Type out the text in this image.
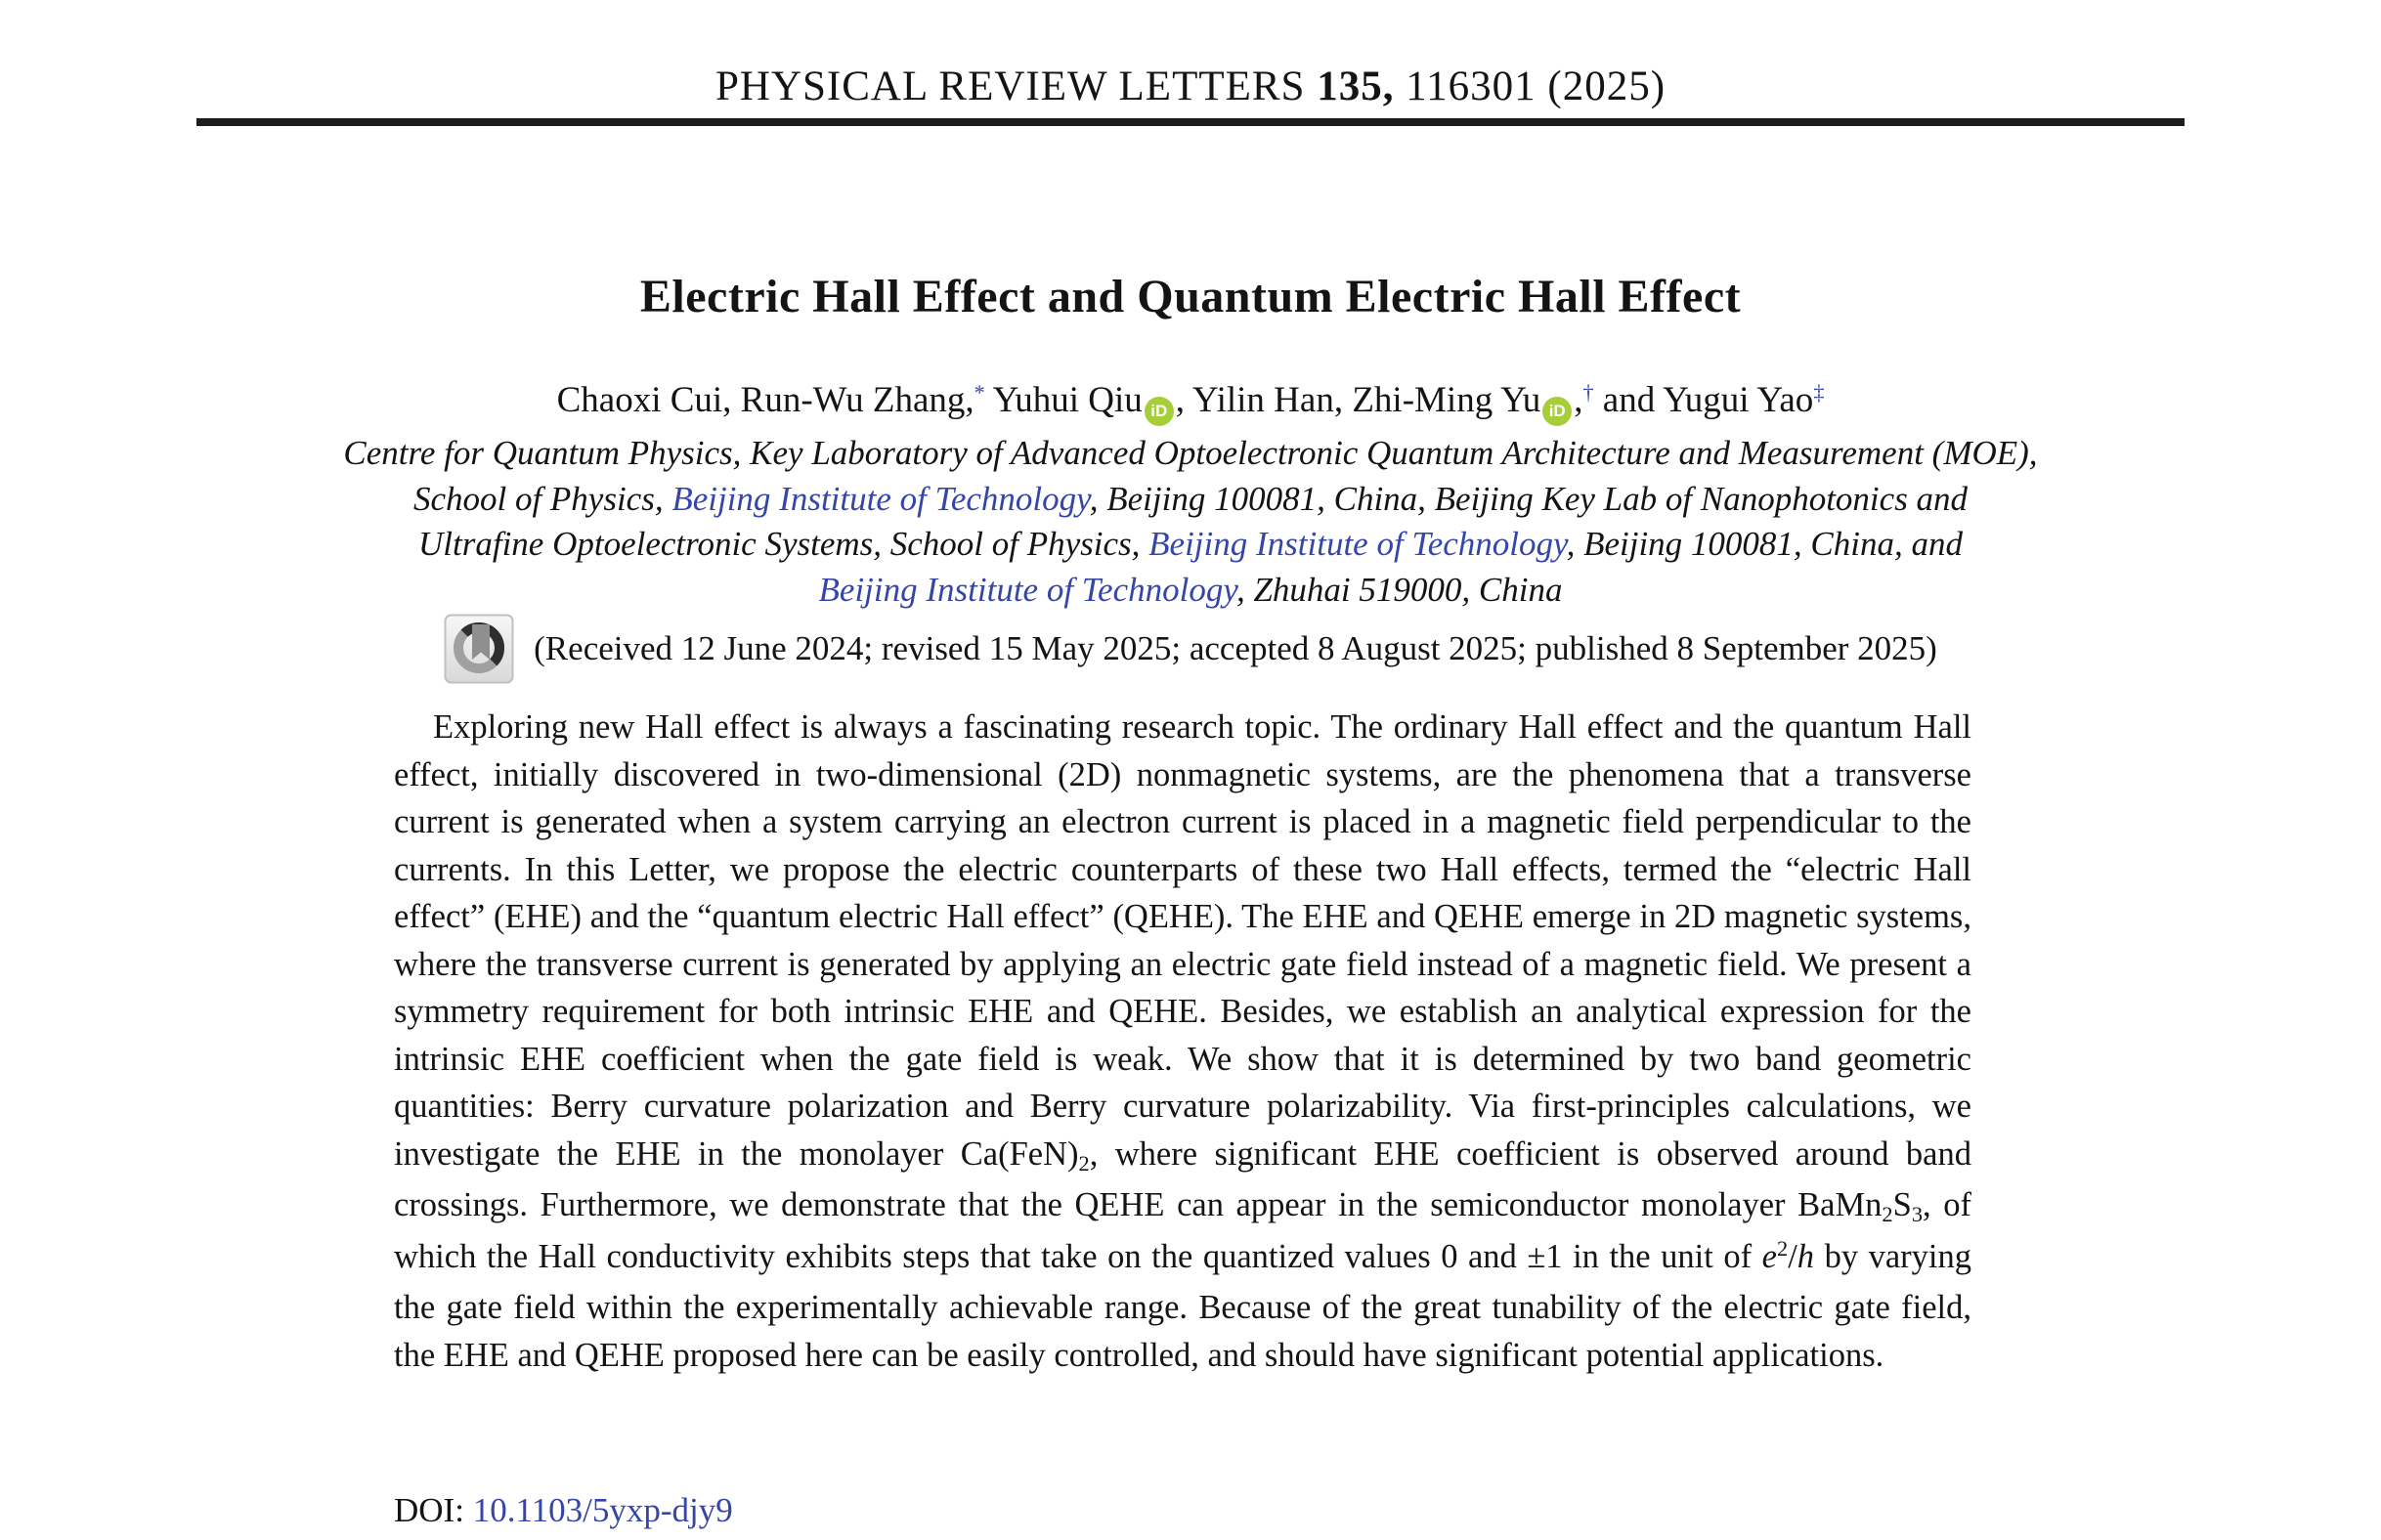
PHYSICAL REVIEW LETTERS 135, 116301 (2025)
Electric Hall Effect and Quantum Electric Hall Effect
Chaoxi Cui, Run-Wu Zhang,* Yuhui Qiu iD , Yilin Han, Zhi-Ming Yu iD ,† and Yugui Yao‡
Centre for Quantum Physics, Key Laboratory of Advanced Optoelectronic Quantum Architecture and Measurement (MOE),
School of Physics, Beijing Institute of Technology, Beijing 100081, China, Beijing Key Lab of Nanophotonics and
Ultrafine Optoelectronic Systems, School of Physics, Beijing Institute of Technology, Beijing 100081, China, and
Beijing Institute of Technology, Zhuhai 519000, China
(Received 12 June 2024; revised 15 May 2025; accepted 8 August 2025; published 8 September 2025)

Exploring new Hall effect is always a fascinating research topic. The ordinary Hall effect and the quantum Hall effect, initially discovered in two-dimensional (2D) nonmagnetic systems, are the phenomena that a transverse current is generated when a system carrying an electron current is placed in a magnetic field perpendicular to the currents. In this Letter, we propose the electric counterparts of these two Hall effects, termed the “electric Hall effect” (EHE) and the “quantum electric Hall effect” (QEHE). The EHE and QEHE emerge in 2D magnetic systems, where the transverse current is generated by applying an electric gate field instead of a magnetic field. We present a symmetry requirement for both intrinsic EHE and QEHE. Besides, we establish an analytical expression for the intrinsic EHE coefficient when the gate field is weak. We show that it is determined by two band geometric quantities: Berry curvature polarization and Berry curvature polarizability. Via first-principles calculations, we investigate the EHE in the monolayer Ca(FeN)2, where significant EHE coefficient is observed around band crossings. Furthermore, we demonstrate that the QEHE can appear in the semiconductor monolayer BaMn2S3, of which the Hall conductivity exhibits steps that take on the quantized values 0 and ±1 in the unit of $e^2/h$ by varying the gate field within the experimentally achievable range. Because of the great tunability of the electric gate field, the EHE and QEHE proposed here can be easily controlled, and should have significant potential applications.

DOI: 10.1103/5yxp-djy9
